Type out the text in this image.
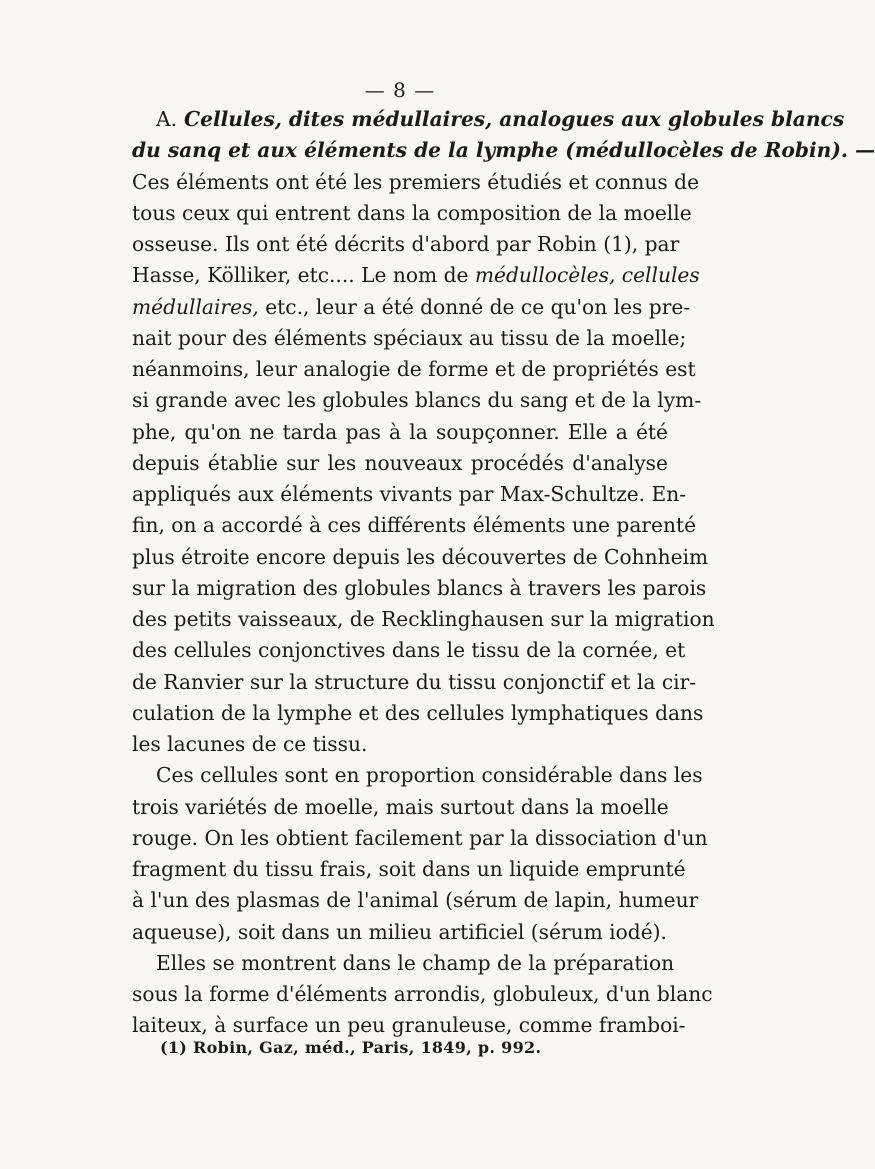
— 8 —
A. Cellules, dites médullaires, analogues aux globules blancs
du sanq et aux éléments de la lymphe (médullocèles de Robin). —
Ces éléments ont été les premiers étudiés et connus de
tous ceux qui entrent dans la composition de la moelle
osseuse. Ils ont été décrits d'abord par Robin (1), par
Hasse, Kölliker, etc.... Le nom de médullocèles, cellules
médullaires, etc., leur a été donné de ce qu'on les pre-
nait pour des éléments spéciaux au tissu de la moelle;
néanmoins, leur analogie de forme et de propriétés est
si grande avec les globules blancs du sang et de la lym-
phe, qu'on ne tarda pas à la soupçonner. Elle a été
depuis établie sur les nouveaux procédés d'analyse
appliqués aux éléments vivants par Max-Schultze. En-
fin, on a accordé à ces différents éléments une parenté
plus étroite encore depuis les découvertes de Cohnheim
sur la migration des globules blancs à travers les parois
des petits vaisseaux, de Recklinghausen sur la migration
des cellules conjonctives dans le tissu de la cornée, et
de Ranvier sur la structure du tissu conjonctif et la cir-
culation de la lymphe et des cellules lymphatiques dans
les lacunes de ce tissu.
Ces cellules sont en proportion considérable dans les
trois variétés de moelle, mais surtout dans la moelle
rouge. On les obtient facilement par la dissociation d'un
fragment du tissu frais, soit dans un liquide emprunté
à l'un des plasmas de l'animal (sérum de lapin, humeur
aqueuse), soit dans un milieu artificiel (sérum iodé).
Elles se montrent dans le champ de la préparation
sous la forme d'éléments arrondis, globuleux, d'un blanc
laiteux, à surface un peu granuleuse, comme framboi-
(1) Robin, Gaz, méd., Paris, 1849, p. 992.
